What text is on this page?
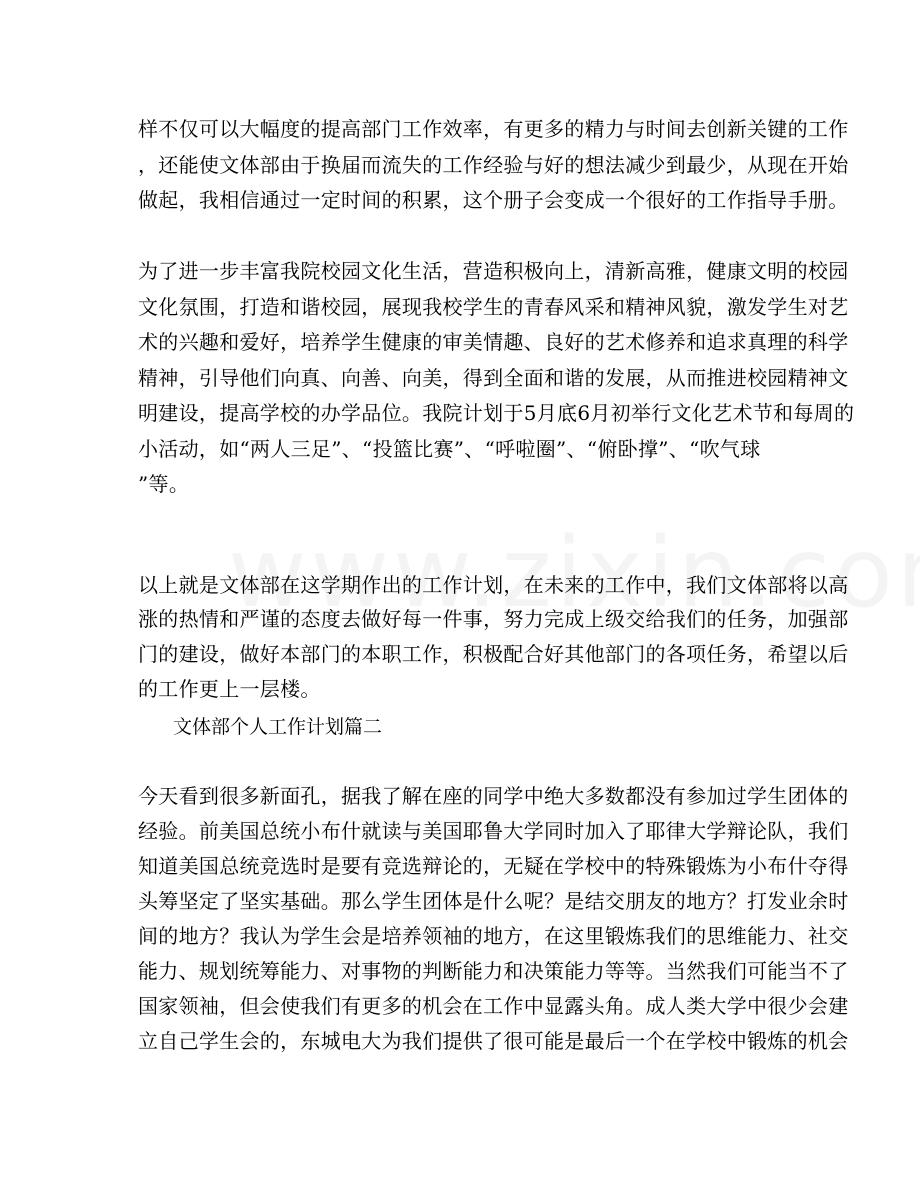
样不仅可以大幅度的提高部门工作效率，有更多的精力与时间去创新关键的工作
，还能使文体部由于换届而流失的工作经验与好的想法减少到最少，从现在开始
做起，我相信通过一定时间的积累，这个册子会变成一个很好的工作指导手册。
为了进一步丰富我院校园文化生活，营造积极向上，清新高雅，健康文明的校园
文化氛围，打造和谐校园，展现我校学生的青春风采和精神风貌，激发学生对艺
术的兴趣和爱好，培养学生健康的审美情趣、良好的艺术修养和追求真理的科学
精神，引导他们向真、向善、向美，得到全面和谐的发展，从而推进校园精神文
明建设，提高学校的办学品位。我院计划于5月底6月初举行文化艺术节和每周的
小活动，如“两人三足”、“投篮比赛”、“呼啦圈”、“俯卧撑”、“吹气球
”等。
以上就是文体部在这学期作出的工作计划，在未来的工作中，我们文体部将以高
涨的热情和严谨的态度去做好每一件事，努力完成上级交给我们的任务，加强部
门的建设，做好本部门的本职工作，积极配合好其他部门的各项任务，希望以后
的工作更上一层楼。
文体部个人工作计划篇二
今天看到很多新面孔，据我了解在座的同学中绝大多数都没有参加过学生团体的
经验。前美国总统小布什就读与美国耶鲁大学同时加入了耶律大学辩论队，我们
知道美国总统竞选时是要有竞选辩论的，无疑在学校中的特殊锻炼为小布什夺得
头筹坚定了坚实基础。那么学生团体是什么呢？是结交朋友的地方？打发业余时
间的地方？我认为学生会是培养领袖的地方，在这里锻炼我们的思维能力、社交
能力、规划统筹能力、对事物的判断能力和决策能力等等。当然我们可能当不了
国家领袖，但会使我们有更多的机会在工作中显露头角。成人类大学中很少会建
立自己学生会的，东城电大为我们提供了很可能是最后一个在学校中锻炼的机会
